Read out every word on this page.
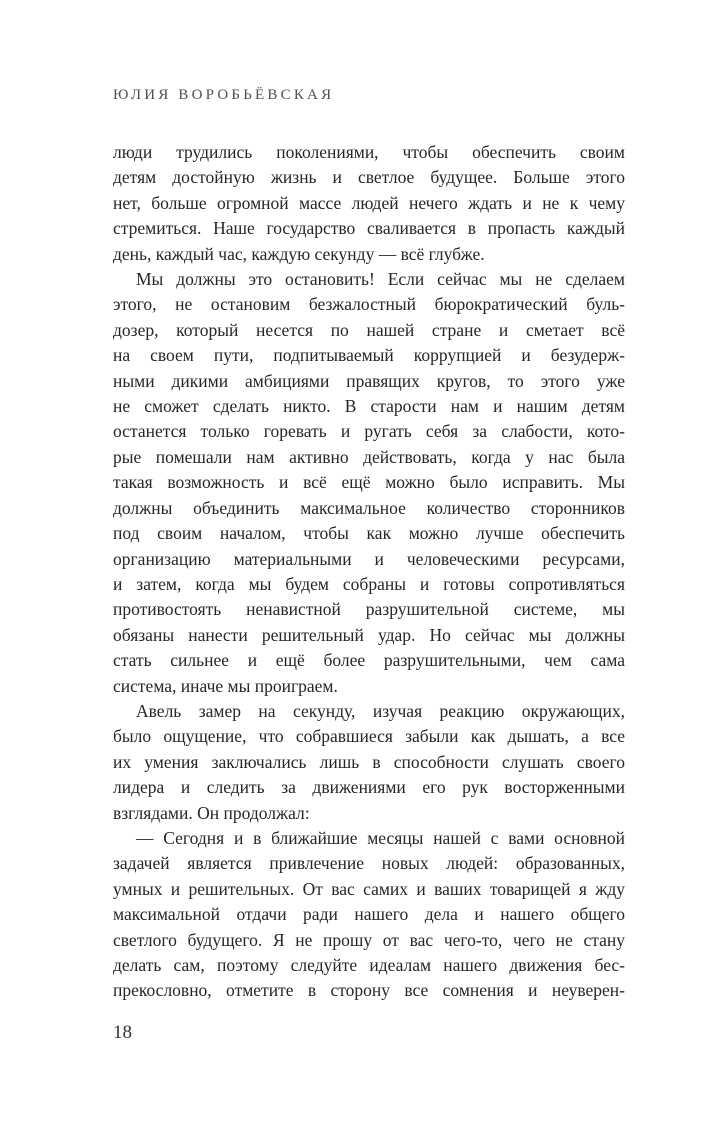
ЮЛИЯ ВОРОБЬЁВСКАЯ
люди трудились поколениями, чтобы обеспечить своим
детям достойную жизнь и светлое будущее. Больше этого
нет, больше огромной массе людей нечего ждать и не к чему
стремиться. Наше государство сваливается в пропасть каждый
день, каждый час, каждую секунду — всё глубже.
Мы должны это остановить! Если сейчас мы не сделаем
этого, не остановим безжалостный бюрократический буль-
дозер, который несется по нашей стране и сметает всё
на своем пути, подпитываемый коррупцией и безудерж-
ными дикими амбициями правящих кругов, то этого уже
не сможет сделать никто. В старости нам и нашим детям
останется только горевать и ругать себя за слабости, кото-
рые помешали нам активно действовать, когда у нас была
такая возможность и всё ещё можно было исправить. Мы
должны объединить максимальное количество сторонников
под своим началом, чтобы как можно лучше обеспечить
организацию материальными и человеческими ресурсами,
и затем, когда мы будем собраны и готовы сопротивляться
противостоять ненавистной разрушительной системе, мы
обязаны нанести решительный удар. Но сейчас мы должны
стать сильнее и ещё более разрушительными, чем сама
система, иначе мы проиграем.
Авель замер на секунду, изучая реакцию окружающих,
было ощущение, что собравшиеся забыли как дышать, а все
их умения заключались лишь в способности слушать своего
лидера и следить за движениями его рук восторженными
взглядами. Он продолжал:
— Сегодня и в ближайшие месяцы нашей с вами основной
задачей является привлечение новых людей: образованных,
умных и решительных. От вас самих и ваших товарищей я жду
максимальной отдачи ради нашего дела и нашего общего
светлого будущего. Я не прошу от вас чего-то, чего не стану
делать сам, поэтому следуйте идеалам нашего движения бес-
прекословно, отметите в сторону все сомнения и неуверен-
18
